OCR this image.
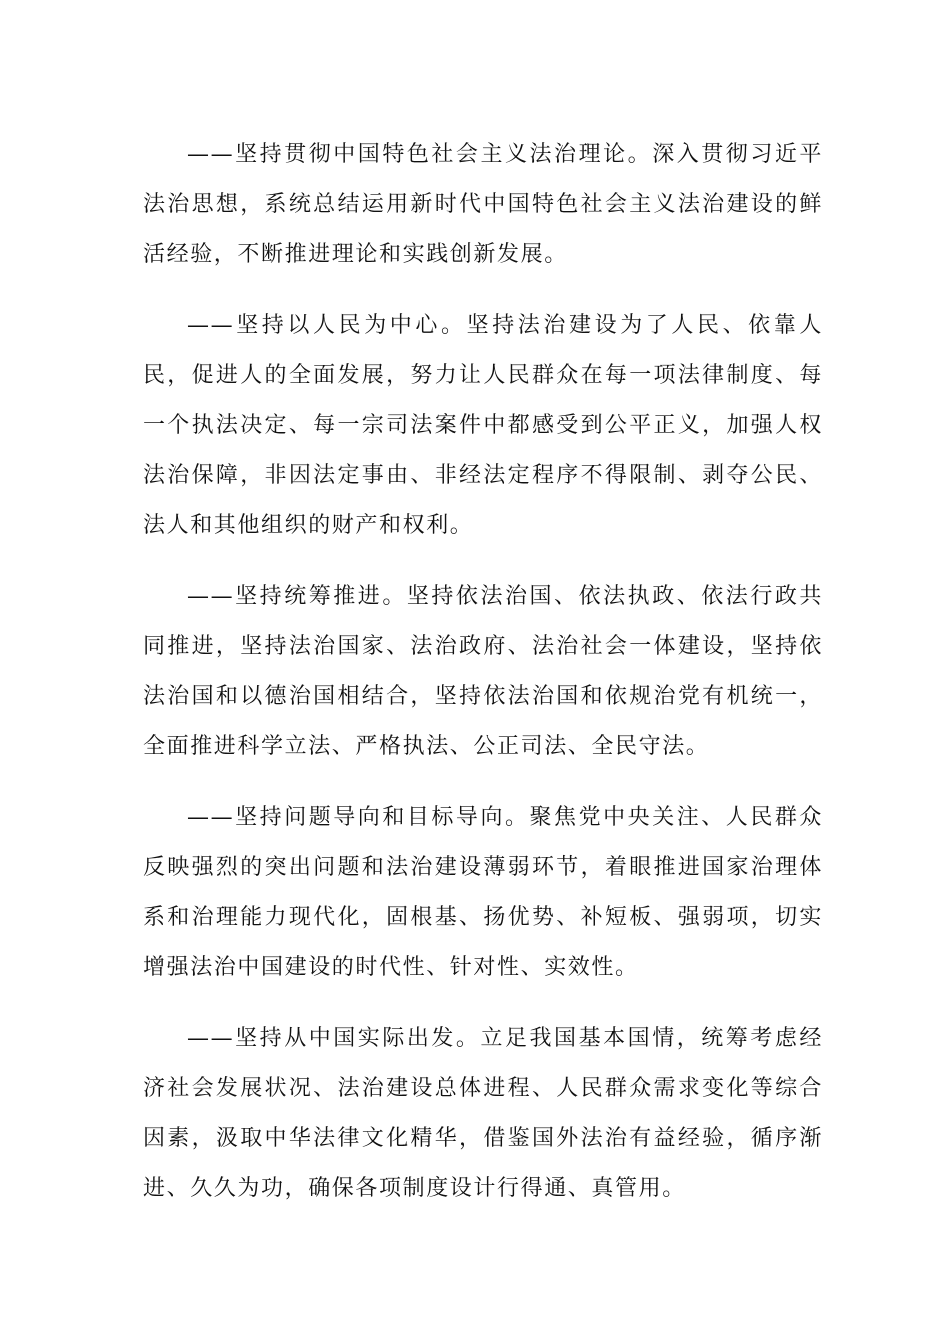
——坚持贯彻中国特色社会主义法治理论。深入贯彻习近平法治思想，系统总结运用新时代中国特色社会主义法治建设的鲜活经验，不断推进理论和实践创新发展。

——坚持以人民为中心。坚持法治建设为了人民、依靠人民，促进人的全面发展，努力让人民群众在每一项法律制度、每一个执法决定、每一宗司法案件中都感受到公平正义，加强人权法治保障，非因法定事由、非经法定程序不得限制、剥夺公民、法人和其他组织的财产和权利。

——坚持统筹推进。坚持依法治国、依法执政、依法行政共同推进，坚持法治国家、法治政府、法治社会一体建设，坚持依法治国和以德治国相结合，坚持依法治国和依规治党有机统一，全面推进科学立法、严格执法、公正司法、全民守法。

——坚持问题导向和目标导向。聚焦党中央关注、人民群众反映强烈的突出问题和法治建设薄弱环节，着眼推进国家治理体系和治理能力现代化，固根基、扬优势、补短板、强弱项，切实增强法治中国建设的时代性、针对性、实效性。

——坚持从中国实际出发。立足我国基本国情，统筹考虑经济社会发展状况、法治建设总体进程、人民群众需求变化等综合因素，汲取中华法律文化精华，借鉴国外法治有益经验，循序渐进、久久为功，确保各项制度设计行得通、真管用。
